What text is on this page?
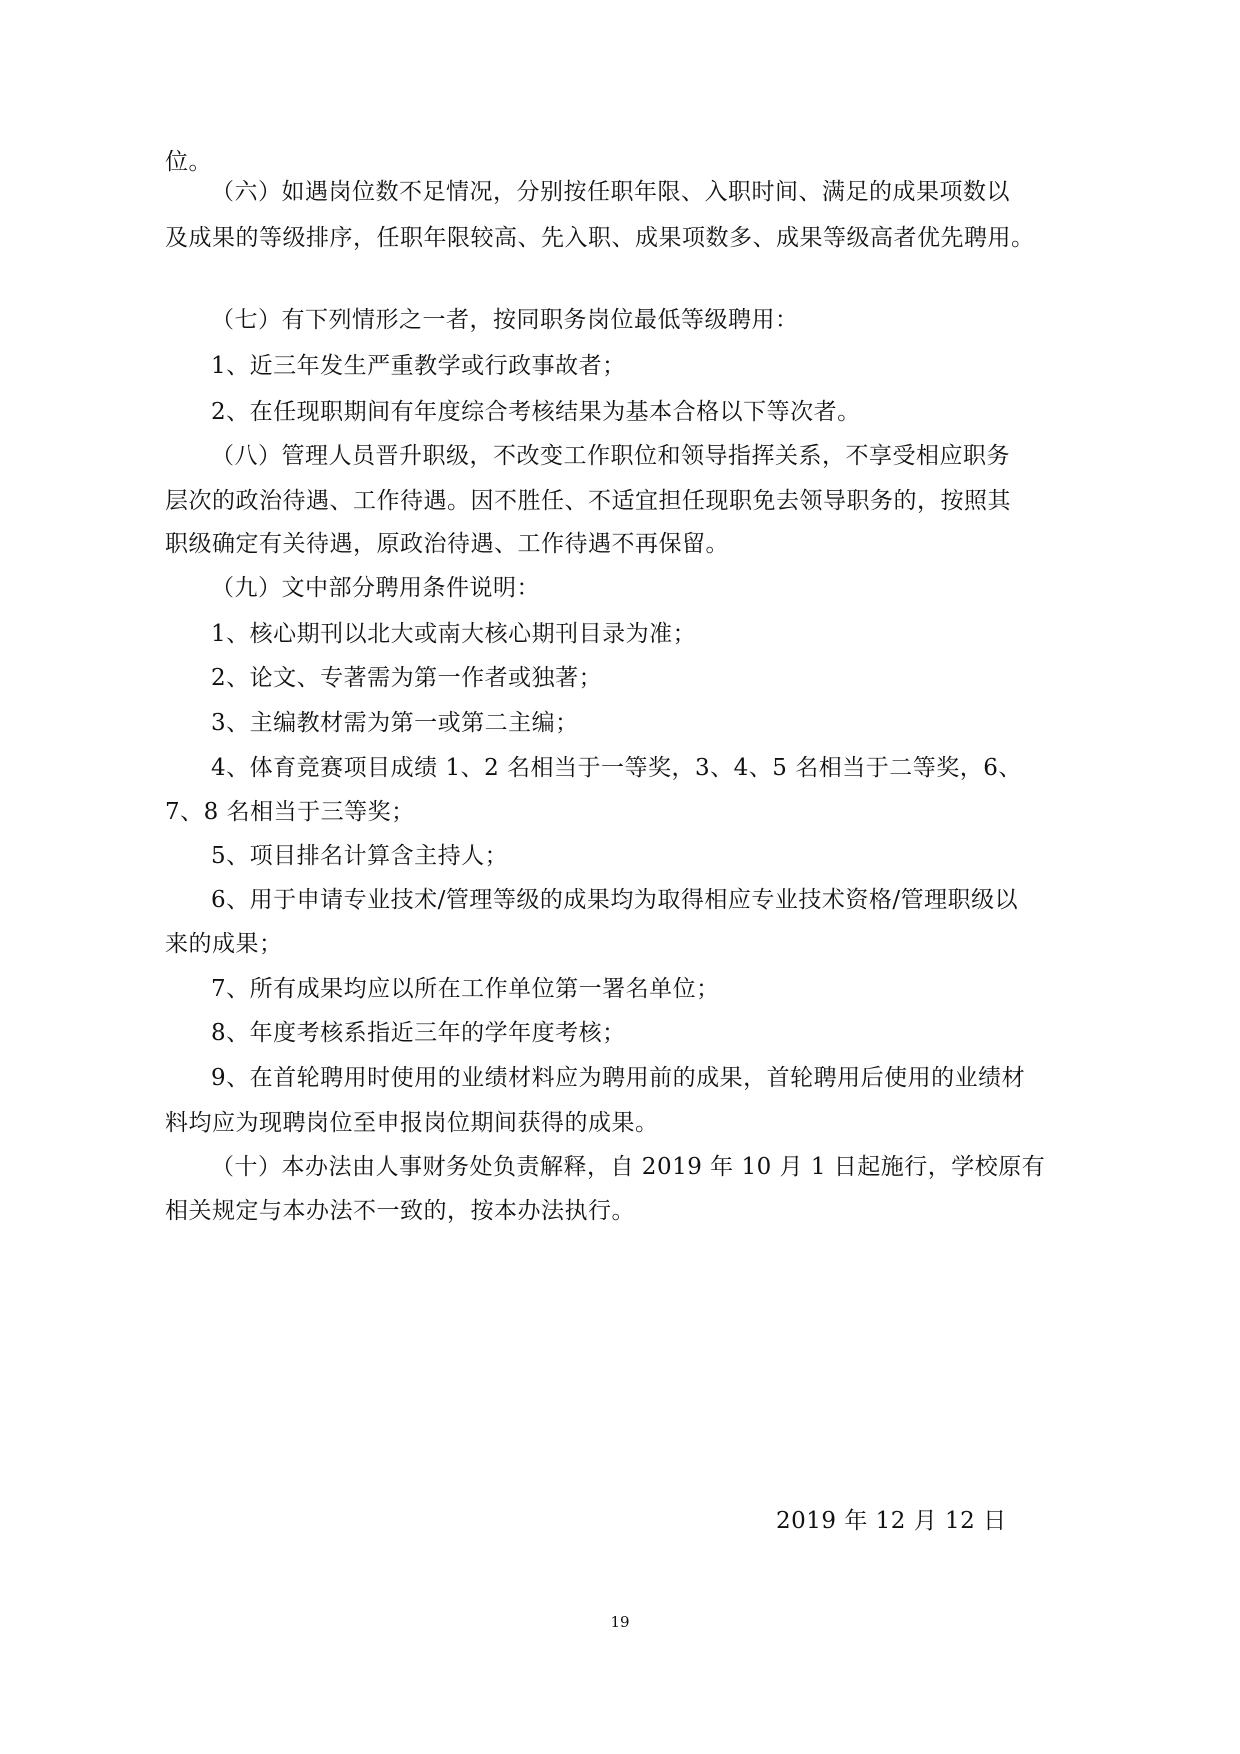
位。
（六）如遇岗位数不足情况，分别按任职年限、入职时间、满足的成果项数以
及成果的等级排序，任职年限较高、先入职、成果项数多、成果等级高者优先聘用。
（七）有下列情形之一者，按同职务岗位最低等级聘用：
1、近三年发生严重教学或行政事故者；
2、在任现职期间有年度综合考核结果为基本合格以下等次者。
（八）管理人员晋升职级，不改变工作职位和领导指挥关系，不享受相应职务
层次的政治待遇、工作待遇。因不胜任、不适宜担任现职免去领导职务的，按照其
职级确定有关待遇，原政治待遇、工作待遇不再保留。
（九）文中部分聘用条件说明：
1、核心期刊以北大或南大核心期刊目录为准；
2、论文、专著需为第一作者或独著；
3、主编教材需为第一或第二主编；
4、体育竞赛项目成绩 1、2 名相当于一等奖，3、4、5 名相当于二等奖，6、
7、8 名相当于三等奖；
5、项目排名计算含主持人；
6、用于申请专业技术/管理等级的成果均为取得相应专业技术资格/管理职级以
来的成果；
7、所有成果均应以所在工作单位第一署名单位；
8、年度考核系指近三年的学年度考核；
9、在首轮聘用时使用的业绩材料应为聘用前的成果，首轮聘用后使用的业绩材
料均应为现聘岗位至申报岗位期间获得的成果。
（十）本办法由人事财务处负责解释，自 2019 年 10 月 1 日起施行，学校原有
相关规定与本办法不一致的，按本办法执行。
2019 年 12 月 12 日
19
